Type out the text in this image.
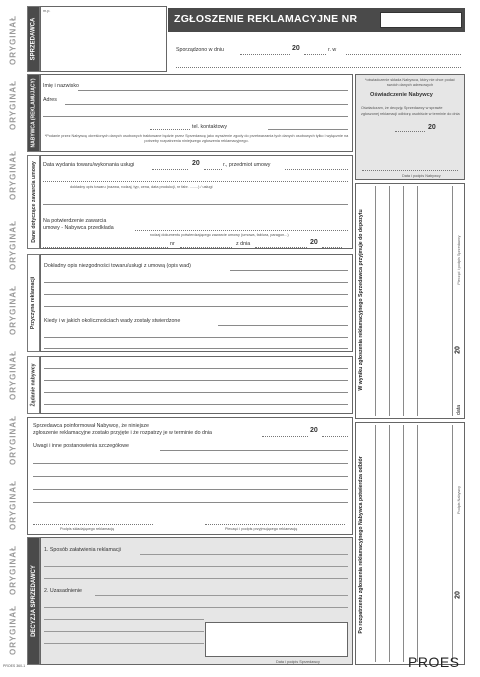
ORYGINAŁ
ORYGINAŁ
ORYGINAŁ
ORYGINAŁ
ORYGINAŁ
ORYGINAŁ
ORYGINAŁ
ORYGINAŁ
ORYGINAŁ
ORYGINAŁ
PROES 360-1
SPRZEDAWCA
m.p.
ZGŁOSZENIE REKLAMACYJNE NR
Sporządzono w dniu	20	r. w
NABYWCA (REKLAMUJĄCY) Imię i nazwisko
Adres
tel. kontaktowy
*Podanie przez Nabywcę określonych danych osobowych traktowane będzie przez Sprzedawcę jako wyrażenie zgody do przetwarzania tych danych osobowych tylko i wyłącznie na potrzeby rozpatrzenia niniejszego zgłoszenia reklamacyjnego.
*oświadczenie składa Nabywca, który nie chce podać swoich danych adresowych
Oświadczenie Nabywcy
Oświadczam, że decyzję Sprzedawcy w sprawie zgłoszonej reklamacji odbiorę osobiście w terminie do dnia
20
Data i podpis Nabywcy
Dane dotyczące zawarcia umowy Data wydania towaru/wykonania usługi	20	r., przedmiot umowy
dokładny opis towaru (nazwa, rodzaj, typ, cena, data produkcji, nr fabr. ........) / usługi
Na potwierdzenie zawarcia
umowy - Nabywca przedkłada
rodzaj dokumentu potwierdzającego zawarcie umowy (umowa, faktura, paragon...)
nr	z dnia	20
Przyczyna reklamacji
Dokładny opis niezgodności towaru/usługi z umową (opis wad)
Kiedy i w jakich okolicznościach wady zostały stwierdzone
Żądanie nabywcy
Sprzedawca poinformował Nabywcę, że niniejsze
zgłoszenie reklamacyjne zostało przyjęte i że rozpatrzy je w terminie do dnia	20
Uwagi i inne postanowienia szczegółowe
Podpis składającego reklamację	Pieczęć i podpis przyjmującego reklamację
DECYZJA SPRZEDAWCY
1. Sposób załatwienia reklamacji
2. Uzasadnienie
Data i podpis Sprzedawcy
W wyniku zgłoszenia reklamacyjnego Sprzedawca przyjmuje do depozytu	Pieczęć i podpis Sprzedawcy
data
20
Po rozpatrzeniu zgłoszenia reklamacyjnego Nabywca potwierdza odbiór	Podpis Nabywcy
20
PROES
